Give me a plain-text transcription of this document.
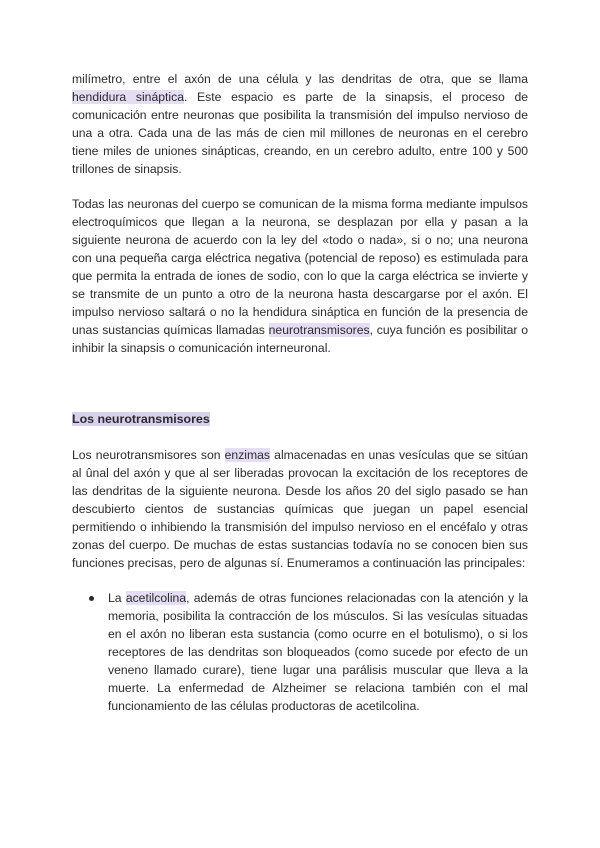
milímetro, entre el axón de una célula y las dendritas de otra, que se llama hendidura sináptica. Este espacio es parte de la sinapsis, el proceso de comunicación entre neuronas que posibilita la transmisión del impulso nervioso de una a otra. Cada una de las más de cien mil millones de neuronas en el cerebro tiene miles de uniones sinápticas, creando, en un cerebro adulto, entre 100 y 500 trillones de sinapsis.

Todas las neuronas del cuerpo se comunican de la misma forma mediante impulsos electroquímicos que llegan a la neurona, se desplazan por ella y pasan a la siguiente neurona de acuerdo con la ley del «todo o nada», si o no; una neurona con una pequeña carga eléctrica negativa (potencial de reposo) es estimulada para que permita la entrada de iones de sodio, con lo que la carga eléctrica se invierte y se transmite de un punto a otro de la neurona hasta descargarse por el axón. El impulso nervioso saltará o no la hendidura sináptica en función de la presencia de unas sustancias químicas llamadas neurotransmisores, cuya función es posibilitar o inhibir la sinapsis o comunicación interneuronal.

Los neurotransmisores

Los neurotransmisores son enzimas almacenadas en unas vesículas que se sitúan al ûnal del axón y que al ser liberadas provocan la excitación de los receptores de las dendritas de la siguiente neurona. Desde los años 20 del siglo pasado se han descubierto cientos de sustancias químicas que juegan un papel esencial permitiendo o inhibiendo la transmisión del impulso nervioso en el encéfalo y otras zonas del cuerpo. De muchas de estas sustancias todavía no se conocen bien sus funciones precisas, pero de algunas sí. Enumeramos a continuación las principales:

La acetilcolina, además de otras funciones relacionadas con la atención y la memoria, posibilita la contracción de los músculos. Si las vesículas situadas en el axón no liberan esta sustancia (como ocurre en el botulismo), o si los receptores de las dendritas son bloqueados (como sucede por efecto de un veneno llamado curare), tiene lugar una parálisis muscular que lleva a la muerte. La enfermedad de Alzheimer se relaciona también con el mal funcionamiento de las células productoras de acetilcolina.
